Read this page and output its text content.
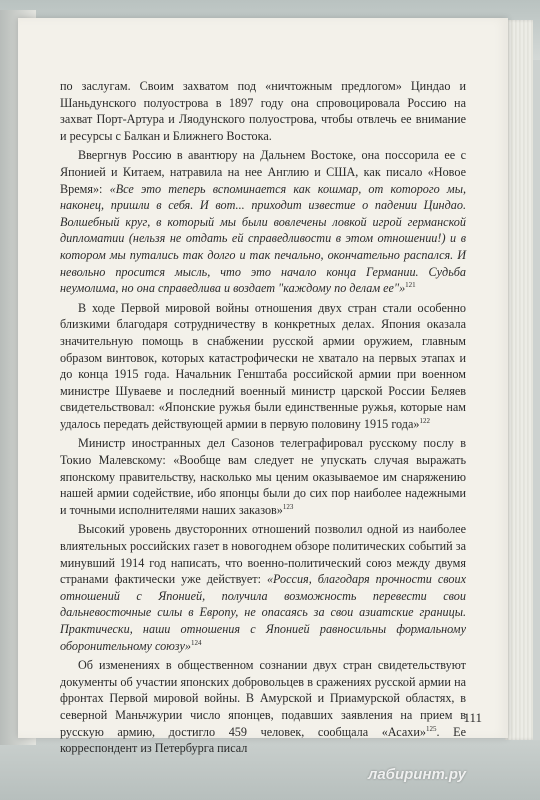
по заслугам. Своим захватом под «ничтожным предлогом» Циндао и Шаньдунского полуострова в 1897 году она спровоцировала Россию на захват Порт-Артура и Ляодунского полуострова, чтобы отвлечь ее внимание и ресурсы с Балкан и Ближнего Востока.

Ввергнув Россию в авантюру на Дальнем Востоке, она поссорила ее с Японией и Китаем, натравила на нее Англию и США, как писало «Новое Время»: «Все это теперь вспоминается как кошмар, от которого мы, наконец, пришли в себя. И вот... приходит известие о падении Циндао. Волшебный круг, в который мы были вовлечены ловкой игрой германской дипломатии (нельзя не отдать ей справедливости в этом отношении!) и в котором мы путались так долго и так печально, окончательно распался. И невольно просится мысль, что это начало конца Германии. Судьба неумолима, но она справедлива и воздает "каждому по делам ее"»$^{121}$

В ходе Первой мировой войны отношения двух стран стали особенно близкими благодаря сотрудничеству в конкретных делах. Япония оказала значительную помощь в снабжении русской армии оружием, главным образом винтовок, которых катастрофически не хватало на первых этапах и до конца 1915 года. Начальник Генштаба российской армии при военном министре Шуваеве и последний военный министр царской России Беляев свидетельствовал: «Японские ружья были единственные ружья, которые нам удалось передать действующей армии в первую половину 1915 года»$^{122}$

Министр иностранных дел Сазонов телеграфировал русскому послу в Токио Малевскому: «Вообще вам следует не упускать случая выражать японскому правительству, насколько мы ценим оказываемое им снаряжению нашей армии содействие, ибо японцы были до сих пор наиболее надежными и точными исполнителями наших заказов»$^{123}$

Высокий уровень двусторонних отношений позволил одной из наиболее влиятельных российских газет в новогоднем обзоре политических событий за минувший 1914 год написать, что военно-политический союз между двумя странами фактически уже действует: «Россия, благодаря прочности своих отношений с Японией, получила возможность перевести свои дальневосточные силы в Европу, не опасаясь за свои азиатские границы. Практически, наши отношения с Японией равносильны формальному оборонительному союзу»$^{124}$

Об изменениях в общественном сознании двух стран свидетельствуют документы об участии японских добровольцев в сражениях русской армии на фронтах Первой мировой войны. В Амурской и Приамурской областях, в северной Маньчжурии число японцев, подавших заявления на прием в русскую армию, достигло 459 человек, сообщала «Асахи»$^{125}$. Ее корреспондент из Петербурга писал

111
лабиринт.ру
